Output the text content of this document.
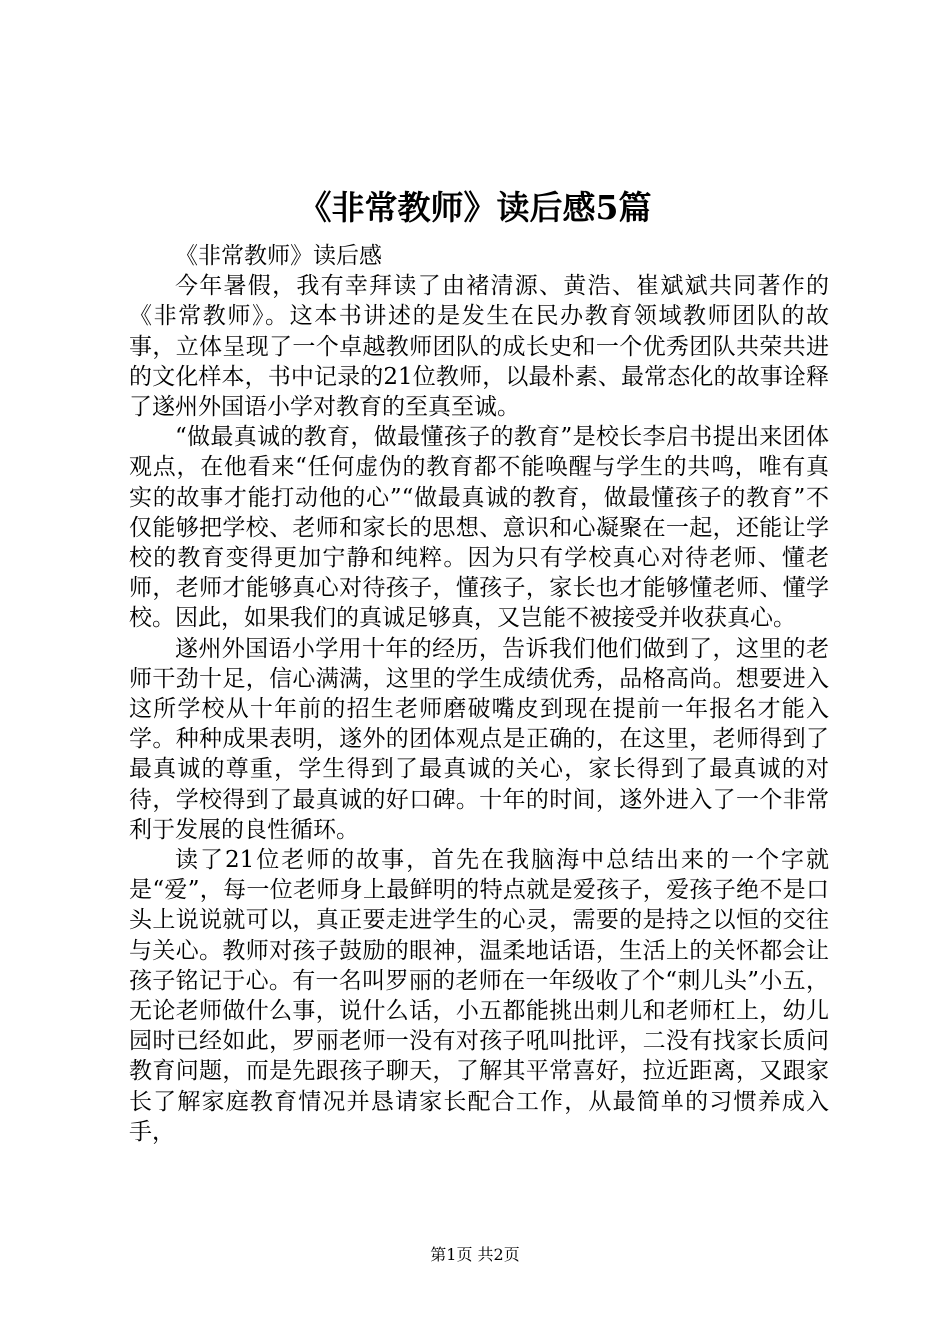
《非常教师》读后感5篇

《非常教师》读后感

今年暑假，我有幸拜读了由褚清源、黄浩、崔斌斌共同著作的《非常教师》。这本书讲述的是发生在民办教育领域教师团队的故事，立体呈现了一个卓越教师团队的成长史和一个优秀团队共荣共进的文化样本，书中记录的21位教师，以最朴素、最常态化的故事诠释了遂州外国语小学对教育的至真至诚。

“做最真诚的教育，做最懂孩子的教育”是校长李启书提出来团体观点，在他看来“任何虚伪的教育都不能唤醒与学生的共鸣，唯有真实的故事才能打动他的心”“做最真诚的教育，做最懂孩子的教育”不仅能够把学校、老师和家长的思想、意识和心凝聚在一起，还能让学校的教育变得更加宁静和纯粹。因为只有学校真心对待老师、懂老师，老师才能够真心对待孩子，懂孩子，家长也才能够懂老师、懂学校。因此，如果我们的真诚足够真，又岂能不被接受并收获真心。

遂州外国语小学用十年的经历，告诉我们他们做到了，这里的老师干劲十足，信心满满，这里的学生成绩优秀，品格高尚。想要进入这所学校从十年前的招生老师磨破嘴皮到现在提前一年报名才能入学。种种成果表明，遂外的团体观点是正确的，在这里，老师得到了最真诚的尊重，学生得到了最真诚的关心，家长得到了最真诚的对待，学校得到了最真诚的好口碑。十年的时间，遂外进入了一个非常利于发展的良性循环。

读了21位老师的故事，首先在我脑海中总结出来的一个字就是“爱”，每一位老师身上最鲜明的特点就是爱孩子，爱孩子绝不是口头上说说就可以，真正要走进学生的心灵，需要的是持之以恒的交往与关心。教师对孩子鼓励的眼神，温柔地话语，生活上的关怀都会让孩子铭记于心。有一名叫罗丽的老师在一年级收了个“刺儿头”小五，无论老师做什么事，说什么话，小五都能挑出刺儿和老师杠上，幼儿园时已经如此，罗丽老师一没有对孩子吼叫批评，二没有找家长质问教育问题，而是先跟孩子聊天，了解其平常喜好，拉近距离，又跟家长了解家庭教育情况并恳请家长配合工作，从最简单的习惯养成入手，

第1页 共2页
